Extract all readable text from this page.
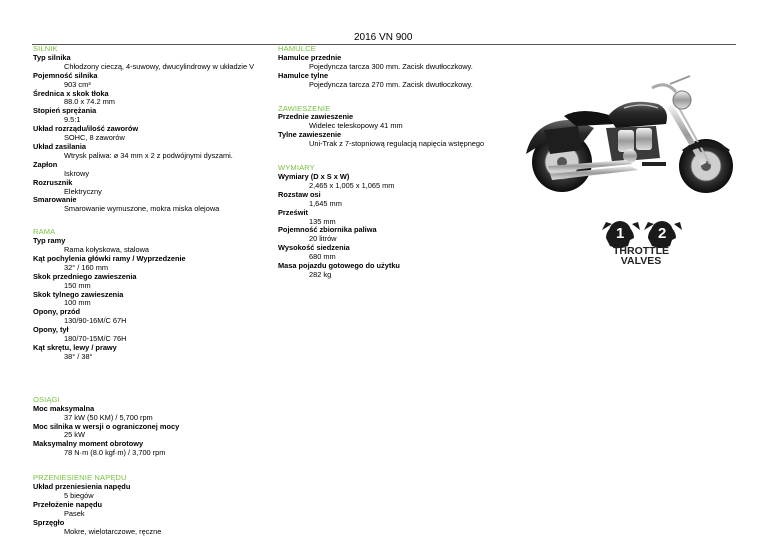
2016 VN 900
SILNIK
Typ silnika
Chłodzony cieczą, 4-suwowy, dwucylindrowy w układzie V
Pojemność silnika
903 cm³
Średnica x skok tłoka
88.0 x 74.2 mm
Stopień sprężania
9.5:1
Układ rozrządu/ilość zaworów
SOHC, 8 zaworów
Układ zasilania
Wtrysk paliwa: ø 34 mm x 2 z podwójnymi dyszami.
Zapłon
Iskrowy
Rozrusznik
Elektryczny
Smarowanie
Smarowanie wymuszone, mokra miska olejowa
RAMA
Typ ramy
Rama kołyskowa, stalowa
Kąt pochylenia główki ramy / Wyprzedzenie
32° / 160 mm
Skok przedniego zawieszenia
150 mm
Skok tylnego zawieszenia
100 mm
Opony, przód
130/90-16M/C 67H
Opony, tył
180/70-15M/C 76H
Kąt skrętu, lewy / prawy
38° / 38°
OSIĄGI
Moc maksymalna
37 kW (50 KM) / 5,700 rpm
Moc silnika w wersji o ograniczonej mocy
25 kW
Maksymalny moment obrotowy
78 N·m (8.0 kgf·m) / 3,700 rpm
PRZENIESIENIE NAPĘDU
Układ przeniesienia napędu
5 biegów
Przełożenie napędu
Pasek
Sprzęgło
Mokre, wielotarczowe, ręczne
HAMULCE
Hamulce przednie
Pojedyncza tarcza 300 mm. Zacisk dwutłoczkowy.
Hamulce tylne
Pojedyncza tarcza 270 mm. Zacisk dwutłoczkowy.
ZAWIESZENIE
Przednie zawieszenie
Widelec teleskopowy 41 mm
Tylne zawieszenie
Uni-Trak z 7-stopniową regulacją napięcia wstępnego
WYMIARY
Wymiary (D x S x W)
2,465 x 1,005 x 1,065 mm
Rozstaw osi
1,645 mm
Prześwit
135 mm
Pojemność zbiornika paliwa
20 litrów
Wysokość siedzenia
680 mm
Masa pojazdu gotowego do użytku
282 kg
1 2
THROTTLE
VALVES
